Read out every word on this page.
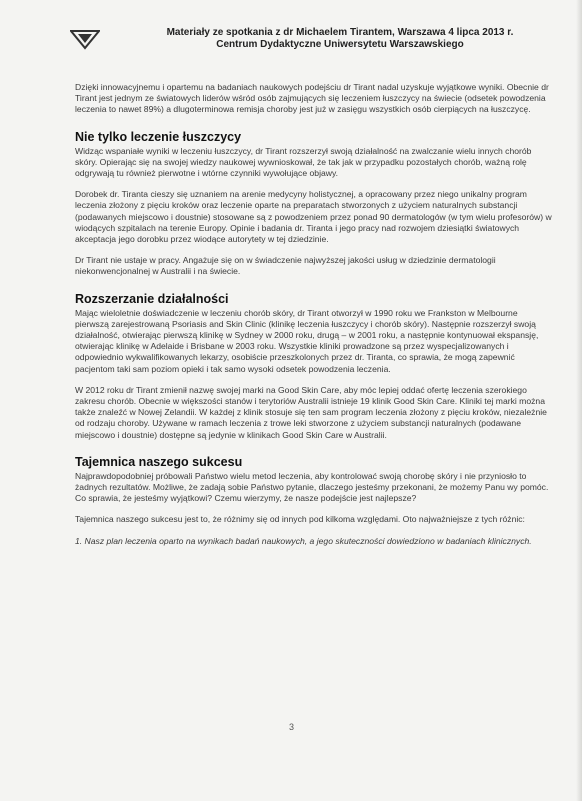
Materiały ze spotkania z dr Michaelem Tirantem, Warszawa 4 lipca 2013 r.
Centrum Dydaktyczne Uniwersytetu Warszawskiego

Dzięki innowacyjnemu i opartemu na badaniach naukowych podejściu dr Tirant nadal uzyskuje wyjątkowe wyniki. Obecnie dr Tirant jest jednym ze światowych liderów wśród osób zajmujących się leczeniem łuszczycy na świecie (odsetek powodzenia leczenia to nawet 89%) a dlugoterminowa remisja choroby jest już w zasięgu wszystkich osób cierpiących na łuszczycę.

Nie tylko leczenie łuszczycy

Widząc wspaniałe wyniki w leczeniu łuszczycy, dr Tirant rozszerzył swoją działalność na zwalczanie wielu innych chorób skóry. Opierając się na swojej wiedzy naukowej wywnioskował, że tak jak w przypadku pozostałych chorób, ważną rolę odgrywają tu również pierwotne i wtórne czynniki wywołujące objawy.

Dorobek dr. Tiranta cieszy się uznaniem na arenie medycyny holistycznej, a opracowany przez niego unikalny program leczenia złożony z pięciu kroków oraz leczenie oparte na preparatach stworzonych z użyciem naturalnych substancji (podawanych miejscowo i doustnie) stosowane są z powodzeniem przez ponad 90 dermatologów (w tym wielu profesorów) w wiodących szpitalach na terenie Europy. Opinie i badania dr. Tiranta i jego pracy nad rozwojem dziesiątki światowych akceptacja jego dorobku przez wiodące autorytety w tej dziedzinie.

Dr Tirant nie ustaje w pracy. Angażuje się on w świadczenie najwyższej jakości usług w dziedzinie dermatologii niekonwencjonalnej w Australii i na świecie.

Rozszerzanie działalności

Mając wieloletnie doświadczenie w leczeniu chorób skóry, dr Tirant otworzył w 1990 roku we Frankston w Melbourne pierwszą zarejestrowaną Psoriasis and Skin Clinic (klinikę leczenia łuszczycy i chorób skóry). Następnie rozszerzył swoją działalność, otwierając pierwszą klinikę w Sydney w 2000 roku, drugą – w 2001 roku, a następnie kontynuował ekspansję, otwierając klinikę w Adelaide i Brisbane w 2003 roku. Wszystkie kliniki prowadzone są przez wyspecjalizowanych i odpowiednio wykwalifikowanych lekarzy, osobiście przeszkolonych przez dr. Tiranta, co sprawia, że mogą zapewnić pacjentom taki sam poziom opieki i tak samo wysoki odsetek powodzenia leczenia.

W 2012 roku dr Tirant zmienił nazwę swojej marki na Good Skin Care, aby móc lepiej oddać ofertę leczenia szerokiego zakresu chorób. Obecnie w większości stanów i terytoriów Australii istnieje 19 klinik Good Skin Care. Kliniki tej marki można także znaleźć w Nowej Zelandii. W każdej z klinik stosuje się ten sam program leczenia złożony z pięciu kroków, niezależnie od rodzaju choroby. Używane w ramach leczenia z trowe leki stworzone z użyciem substancji naturalnych (podawane miejscowo i doustnie) dostępne są jedynie w klinikach Good Skin Care w Australii.

Tajemnica naszego sukcesu

Najprawdopodobniej próbowali Państwo wielu metod leczenia, aby kontrolować swoją chorobę skóry i nie przyniosło to żadnych rezultatów. Możliwe, że zadają sobie Państwo pytanie, dlaczego jesteśmy przekonani, że możemy Panu wy pomóc. Co sprawia, że jesteśmy wyjątkowi? Czemu wierzymy, że nasze podejście jest najlepsze?

Tajemnica naszego sukcesu jest to, że różnimy się od innych pod kilkoma względami. Oto najważniejsze z tych różnic:

1. Nasz plan leczenia oparto na wynikach badań naukowych, a jego skuteczności dowiedziono w badaniach klinicznych.

3
